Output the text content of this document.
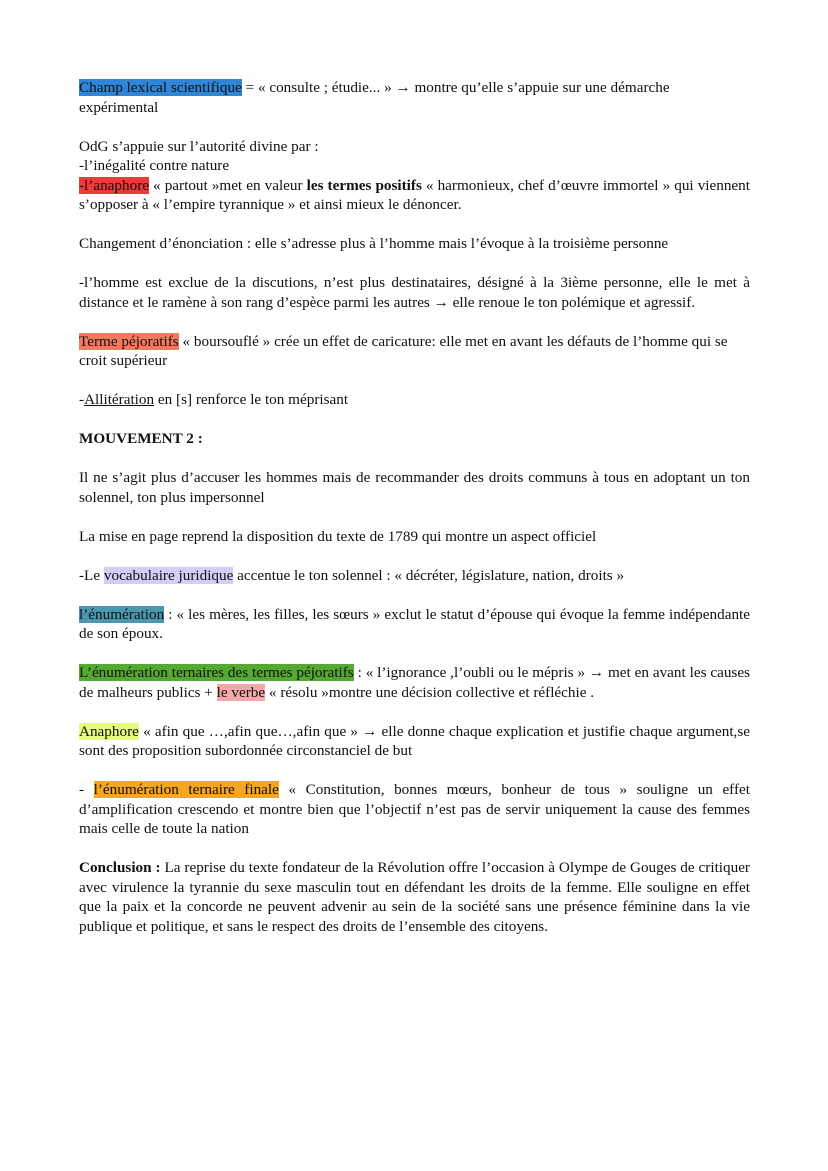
Champ lexical scientifique = « consulte ; étudie... » → montre qu’elle s’appuie sur une démarche expérimental

OdG s’appuie sur l’autorité divine par :
-l’inégalité contre nature
-l’anaphore « partout »met en valeur les termes positifs « harmonieux, chef d’œuvre immortel » qui viennent s’opposer à « l’empire tyrannique » et ainsi mieux le dénoncer.

Changement d’énonciation : elle s’adresse plus à l’homme mais l’évoque à la troisième personne

-l’homme est exclue de la discutions, n’est plus destinataires, désigné à la 3ième personne, elle le met à distance et le ramène à son rang d’espèce parmi les autres → elle renoue le ton polémique et agressif.

Terme péjoratifs « boursouflé » crée un effet de caricature: elle met en avant les défauts de l’homme qui se croit supérieur

-Allitération en [s] renforce le ton méprisant

MOUVEMENT 2 :

Il ne s’agit plus d’accuser les hommes mais de recommander des droits communs à tous en adoptant un ton solennel, ton plus impersonnel

La mise en page reprend la disposition du texte de 1789 qui montre un aspect officiel

-Le vocabulaire juridique accentue le ton solennel : « décréter, législature, nation, droits »

l’énumération : « les mères, les filles, les sœurs » exclut le statut d’épouse qui évoque la femme indépendante de son époux.

L’énumération ternaires des termes péjoratifs : « l’ignorance ,l’oubli ou le mépris » → met en avant les causes de malheurs publics + le verbe « résolu »montre une décision collective et réfléchie .

Anaphore « afin que …,afin que…,afin que » → elle donne chaque explication et justifie chaque argument,se sont des proposition subordonnée circonstanciel de but

- l’énumération ternaire finale « Constitution, bonnes mœurs, bonheur de tous » souligne un effet d’amplification crescendo et montre bien que l’objectif n’est pas de servir uniquement la cause des femmes mais celle de toute la nation

Conclusion : La reprise du texte fondateur de la Révolution offre l’occasion à Olympe de Gouges de critiquer avec virulence la tyrannie du sexe masculin tout en défendant les droits de la femme. Elle souligne en effet que la paix et la concorde ne peuvent advenir au sein de la société sans une présence féminine dans la vie publique et politique, et sans le respect des droits de l’ensemble des citoyens.
